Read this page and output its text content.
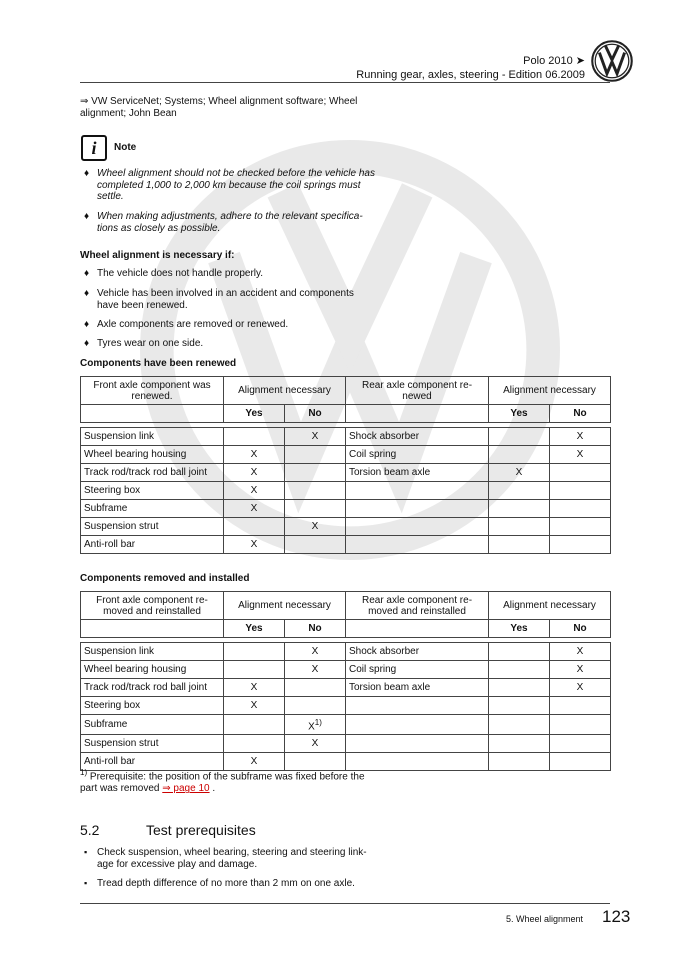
Polo 2010 ➤
Running gear, axles, steering - Edition 06.2009
⇒ VW ServiceNet; Systems; Wheel alignment software; Wheel
alignment; John Bean
i	Note
♦ Wheel alignment should not be checked before the vehicle has
completed 1,000 to 2,000 km because the coil springs must
settle.
♦ When making adjustments, adhere to the relevant specifica-
tions as closely as possible.
Wheel alignment is necessary if:
♦ The vehicle does not handle properly.
♦ Vehicle has been involved in an accident and components
have been renewed.
♦ Axle components are removed or renewed.
♦ Tyres wear on one side.
Components have been renewed
Front axle component was
renewed.	Alignment necessary		Rear axle component re-
newed	Alignment necessary	
	Yes	No		Yes	No

Suspension link		X	Shock absorber		X
Wheel bearing housing	X		Coil spring		X
Track rod/track rod ball joint	X		Torsion beam axle	X	
Steering box	X				
Subframe	X				
Suspension strut		X			
Anti-roll bar	X				
Components removed and installed
Front axle component re-
moved and reinstalled	Alignment necessary		Rear axle component re-
moved and reinstalled	Alignment necessary	
	Yes	No		Yes	No

Suspension link		X	Shock absorber		X
Wheel bearing housing		X	Coil spring		X
Track rod/track rod ball joint	X		Torsion beam axle		X
Steering box	X				
Subframe		$X^{1)}$			
Suspension strut		X			
Anti-roll bar	X				
$^{1)}$ Prerequisite: the position of the subframe was fixed before the
part was removed ⇒ page 10 .
5.2	Test prerequisites
▪ Check suspension, wheel bearing, steering and steering link-
age for excessive play and damage.
▪ Tread depth difference of no more than 2 mm on one axle.
5. Wheel alignment 123
